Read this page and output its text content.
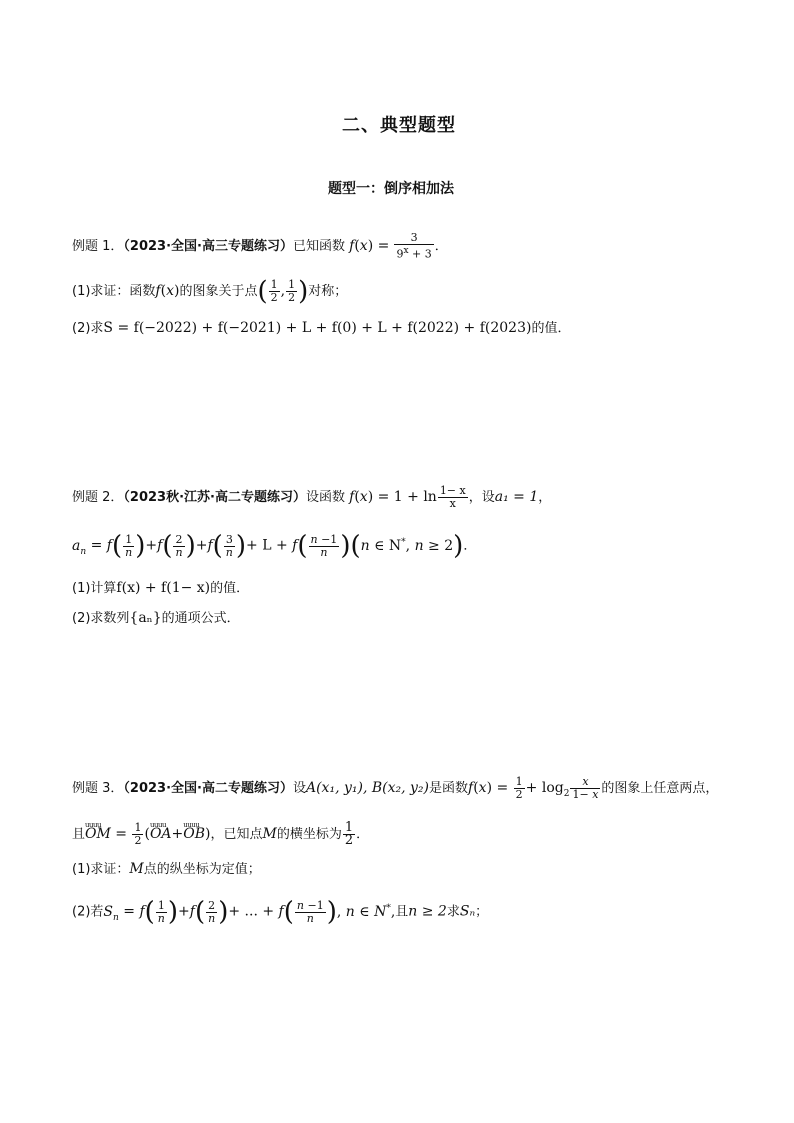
二、典型题型
题型一：倒序相加法
例题 1．（2023·全国·高三专题练习）已知函数 $f(x) = \frac{3}{9^x + 3}$ ．
(1)求证：函数f(x)的图象关于点( $\frac{1}{2}$ , $\frac{1}{2}$ )对称；
(2)求S = f(−2022) + f(−2021) + L + f(0) + L + f(2022) + f(2023)的值．
例题 2．（2023秋·江苏·高二专题练习）设函数 $f(x) = 1 + \ln \frac{1- x}{x}$ ，设a₁ = 1，
$a_n = f( \frac{1}{n} )+f( \frac{2}{n} )+f( \frac{3}{n}$ )+ $L + f( \frac{n -1}{n} )(n$ ∈ N*, n ≥ 2)．
(1)计算f(x) + f(1− x)的值．
(2)求数列{aₙ}的通项公式．
例题 3．（2023·全国·高二专题练习）设A(x₁, y₁), B(x₂, y₂)是函数$f(x) = \frac{1}{2} + \log_2 \frac{x}{1- x}$ 的图象上任意两点，
且uuuu OM = $\frac{1}{2}$ (uuuu OA+uuuu OB)，已知点M的横坐标为 $\frac{1}{2}$ ．
(1)求证：M点的纵坐标为定值；
(2)若$S_n = f( \frac{1}{n} )+f( \frac{2}{n}$ )+ ... + $f( \frac{n -1}{n}$ ), n ∈ N*,且n ≥ 2求Sₙ；
